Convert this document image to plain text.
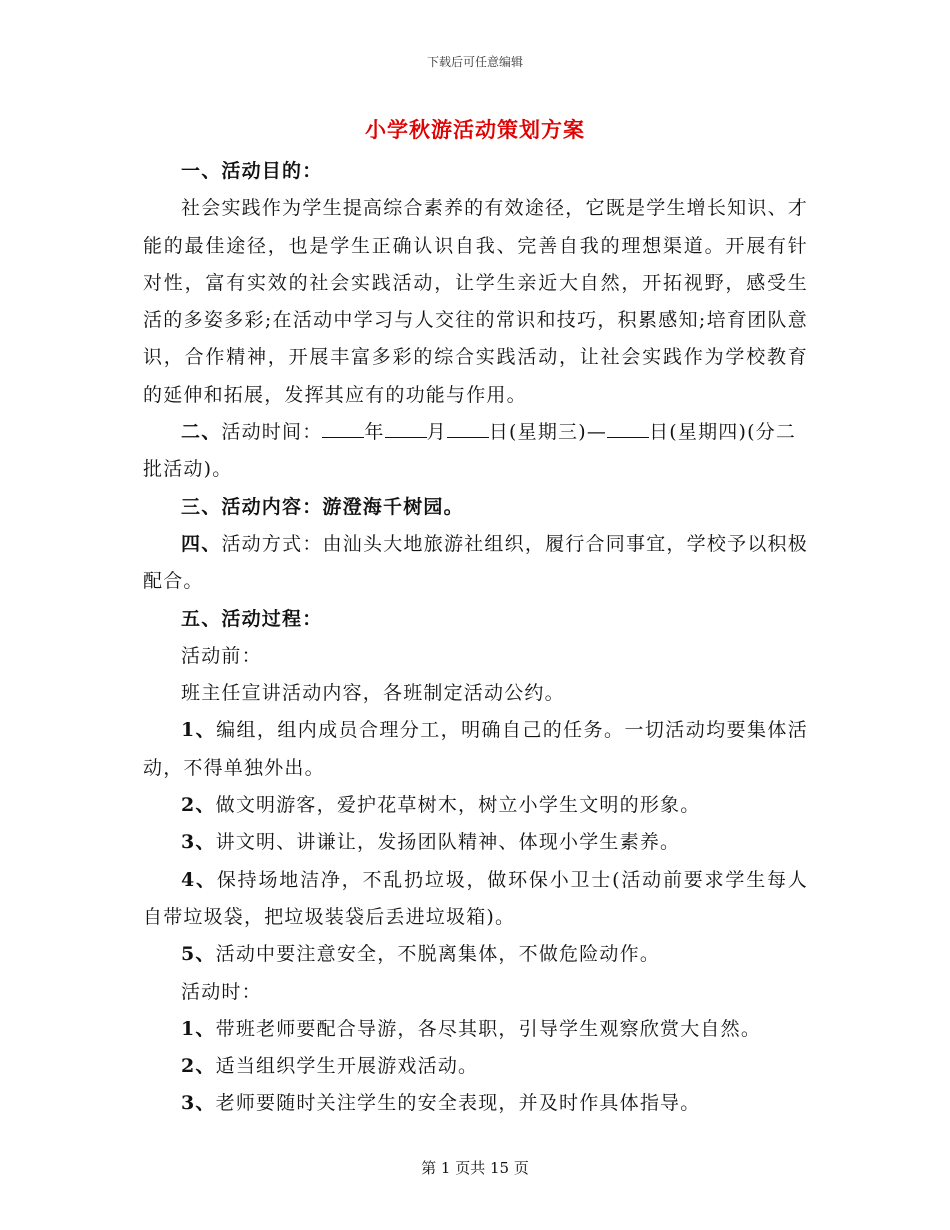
下载后可任意编辑
小学秋游活动策划方案

一、活动目的：

社会实践作为学生提高综合素养的有效途径，它既是学生增长知识、才能的最佳途径，也是学生正确认识自我、完善自我的理想渠道。开展有针对性，富有实效的社会实践活动，让学生亲近大自然，开拓视野，感受生活的多姿多彩;在活动中学习与人交往的常识和技巧，积累感知;培育团队意识，合作精神，开展丰富多彩的综合实践活动，让社会实践作为学校教育的延伸和拓展，发挥其应有的功能与作用。

二、活动时间： 年 月 日(星期三)— 日(星期四)(分二批活动)。

三、活动内容：游澄海千树园。

四、活动方式：由汕头大地旅游社组织，履行合同事宜，学校予以积极配合。

五、活动过程：

活动前：

班主任宣讲活动内容，各班制定活动公约。

1、编组，组内成员合理分工，明确自己的任务。一切活动均要集体活动，不得单独外出。

2、做文明游客，爱护花草树木，树立小学生文明的形象。

3、讲文明、讲谦让，发扬团队精神、体现小学生素养。

4、保持场地洁净，不乱扔垃圾，做环保小卫士(活动前要求学生每人自带垃圾袋，把垃圾装袋后丢进垃圾箱)。

5、活动中要注意安全，不脱离集体，不做危险动作。

活动时：

1、带班老师要配合导游，各尽其职，引导学生观察欣赏大自然。

2、适当组织学生开展游戏活动。

3、老师要随时关注学生的安全表现，并及时作具体指导。

第 1 页共 15 页
